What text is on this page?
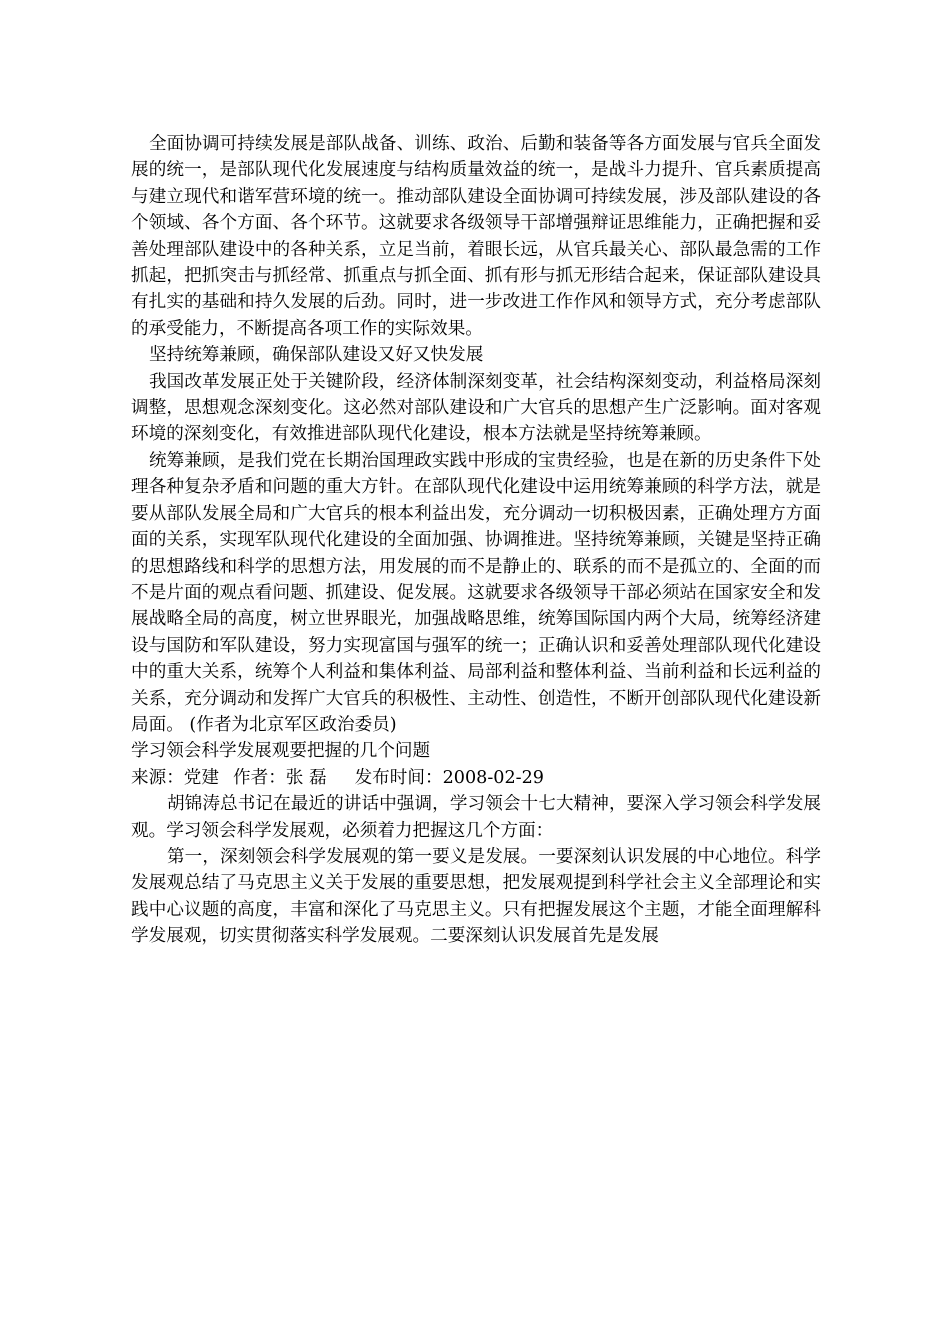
全面协调可持续发展是部队战备、训练、政治、后勤和装备等各方面发展与官兵全面发展的统一，是部队现代化发展速度与结构质量效益的统一，是战斗力提升、官兵素质提高与建立现代和谐军营环境的统一。推动部队建设全面协调可持续发展，涉及部队建设的各个领域、各个方面、各个环节。这就要求各级领导干部增强辩证思维能力，正确把握和妥善处理部队建设中的各种关系，立足当前，着眼长远，从官兵最关心、部队最急需的工作抓起，把抓突击与抓经常、抓重点与抓全面、抓有形与抓无形结合起来，保证部队建设具有扎实的基础和持久发展的后劲。同时，进一步改进工作作风和领导方式，充分考虑部队的承受能力，不断提高各项工作的实际效果。

坚持统筹兼顾，确保部队建设又好又快发展

我国改革发展正处于关键阶段，经济体制深刻变革，社会结构深刻变动，利益格局深刻调整，思想观念深刻变化。这必然对部队建设和广大官兵的思想产生广泛影响。面对客观环境的深刻变化，有效推进部队现代化建设，根本方法就是坚持统筹兼顾。

统筹兼顾，是我们党在长期治国理政实践中形成的宝贵经验，也是在新的历史条件下处理各种复杂矛盾和问题的重大方针。在部队现代化建设中运用统筹兼顾的科学方法，就是要从部队发展全局和广大官兵的根本利益出发，充分调动一切积极因素，正确处理方方面面的关系，实现军队现代化建设的全面加强、协调推进。坚持统筹兼顾，关键是坚持正确的思想路线和科学的思想方法，用发展的而不是静止的、联系的而不是孤立的、全面的而不是片面的观点看问题、抓建设、促发展。这就要求各级领导干部必须站在国家安全和发展战略全局的高度，树立世界眼光，加强战略思维，统筹国际国内两个大局，统筹经济建设与国防和军队建设，努力实现富国与强军的统一；正确认识和妥善处理部队现代化建设中的重大关系，统筹个人利益和集体利益、局部利益和整体利益、当前利益和长远利益的关系，充分调动和发挥广大官兵的积极性、主动性、创造性，不断开创部队现代化建设新局面。 (作者为北京军区政治委员)

学习领会科学发展观要把握的几个问题

来源：党建 作者：张 磊 发布时间：2008-02-29

胡锦涛总书记在最近的讲话中强调，学习领会十七大精神，要深入学习领会科学发展观。学习领会科学发展观，必须着力把握这几个方面：

第一，深刻领会科学发展观的第一要义是发展。一要深刻认识发展的中心地位。科学发展观总结了马克思主义关于发展的重要思想，把发展观提到科学社会主义全部理论和实践中心议题的高度，丰富和深化了马克思主义。只有把握发展这个主题，才能全面理解科学发展观，切实贯彻落实科学发展观。二要深刻认识发展首先是发展
